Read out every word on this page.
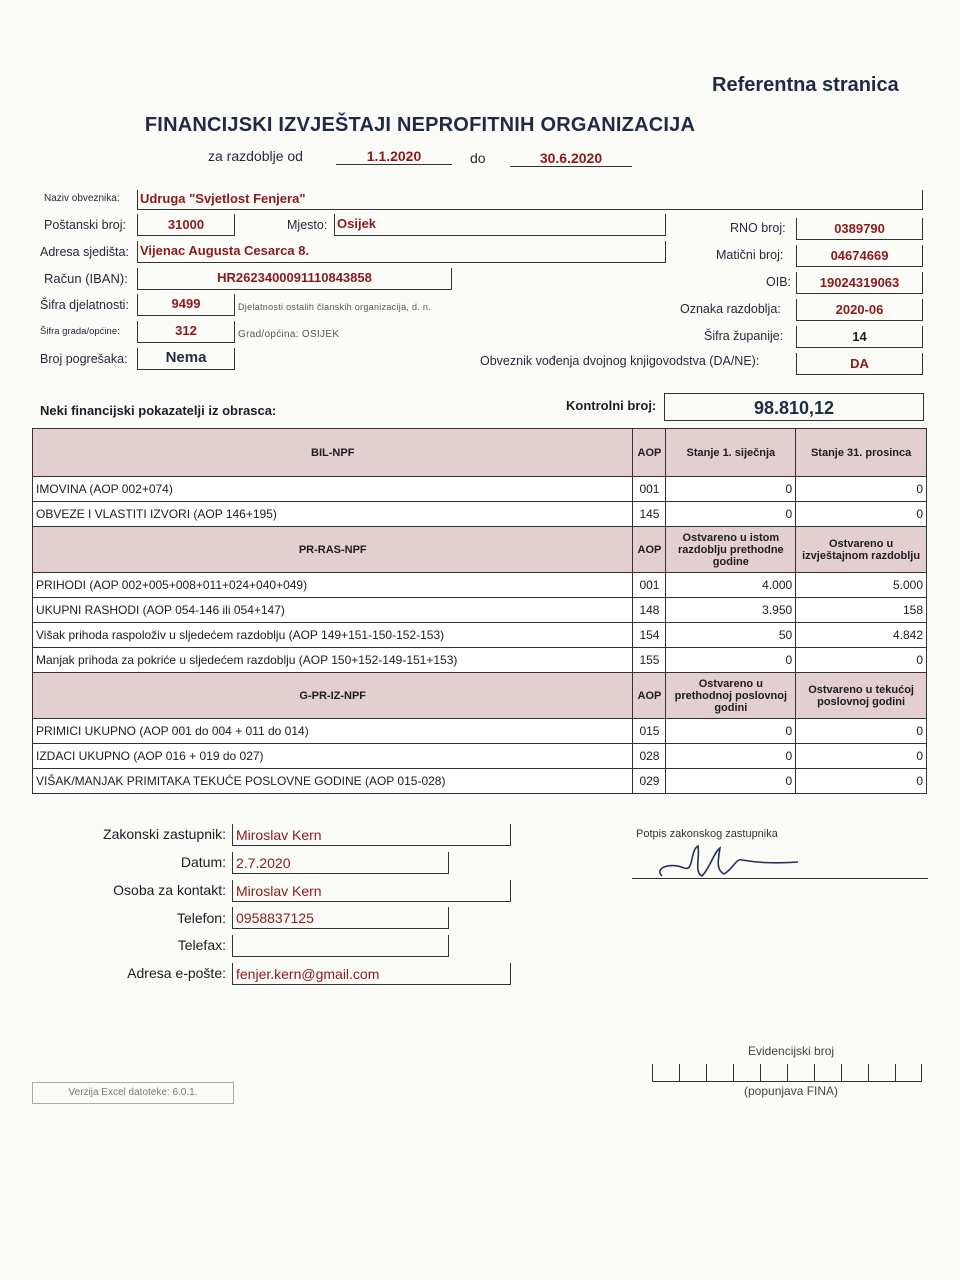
Referentna stranica
FINANCIJSKI IZVJEŠTAJI NEPROFITNIH ORGANIZACIJA
za razdoblje od	1.1.2020	do	30.6.2020
Naziv obveznika: Udruga "Svjetlost Fenjera"
Poštanski broj:	31000	Mjesto: Osijek
Adresa sjedišta: Vijenac Augusta Cesarca 8.
Račun (IBAN):	HR2623400091110843858
Šifra djelatnosti:	9499	Djelatnosti ostalih članskih organizacija, d. n.
Šifra grada/općine:	312	Grad/općina: OSIJEK
Broj pogrešaka:	Nema
RNO broj:	0389790
Matični broj:	04674669
OIB:	19024319063
Oznaka razdoblja:	2020-06
Šifra županije:	14
Obveznik vođenja dvojnog knjigovodstva (DA/NE):	DA
Neki financijski pokazatelji iz obrasca:	Kontrolni broj:	98.810,12
BIL-NPF	AOP	Stanje 1. siječnja	Stanje 31. prosinca
IMOVINA (AOP 002+074)	001	0	0
OBVEZE I VLASTITI IZVORI (AOP 146+195)	145	0	0
PR-RAS-NPF	AOP	Ostvareno u istom razdoblju prethodne godine	Ostvareno u izvještajnom razdoblju
PRIHODI (AOP 002+005+008+011+024+040+049)	001	4.000	5.000
UKUPNI RASHODI (AOP 054-146 ili 054+147)	148	3.950	158
Višak prihoda raspoloživ u sljedećem razdoblju (AOP 149+151-150-152-153)	154	50	4.842
Manjak prihoda za pokriće u sljedećem razdoblju (AOP 150+152-149-151+153)	155	0	0
G-PR-IZ-NPF	AOP	Ostvareno u prethodnoj poslovnoj godini	Ostvareno u tekućoj poslovnoj godini
PRIMICI UKUPNO (AOP 001 do 004 + 011 do 014)	015	0	0
IZDACI UKUPNO (AOP 016 + 019 do 027)	028	0	0
VIŠAK/MANJAK PRIMITAKA TEKUĆE POSLOVNE GODINE (AOP 015-028)	029	0	0
Zakonski zastupnik: Miroslav Kern
Datum: 2.7.2020
Osoba za kontakt: Miroslav Kern
Telefon: 0958837125
Telefax:
Adresa e-pošte: fenjer.kern@gmail.com
Potpis zakonskog zastupnika
Evidencijski broj
(popunjava FINA)
Verzija Excel datoteke: 6.0.1.
